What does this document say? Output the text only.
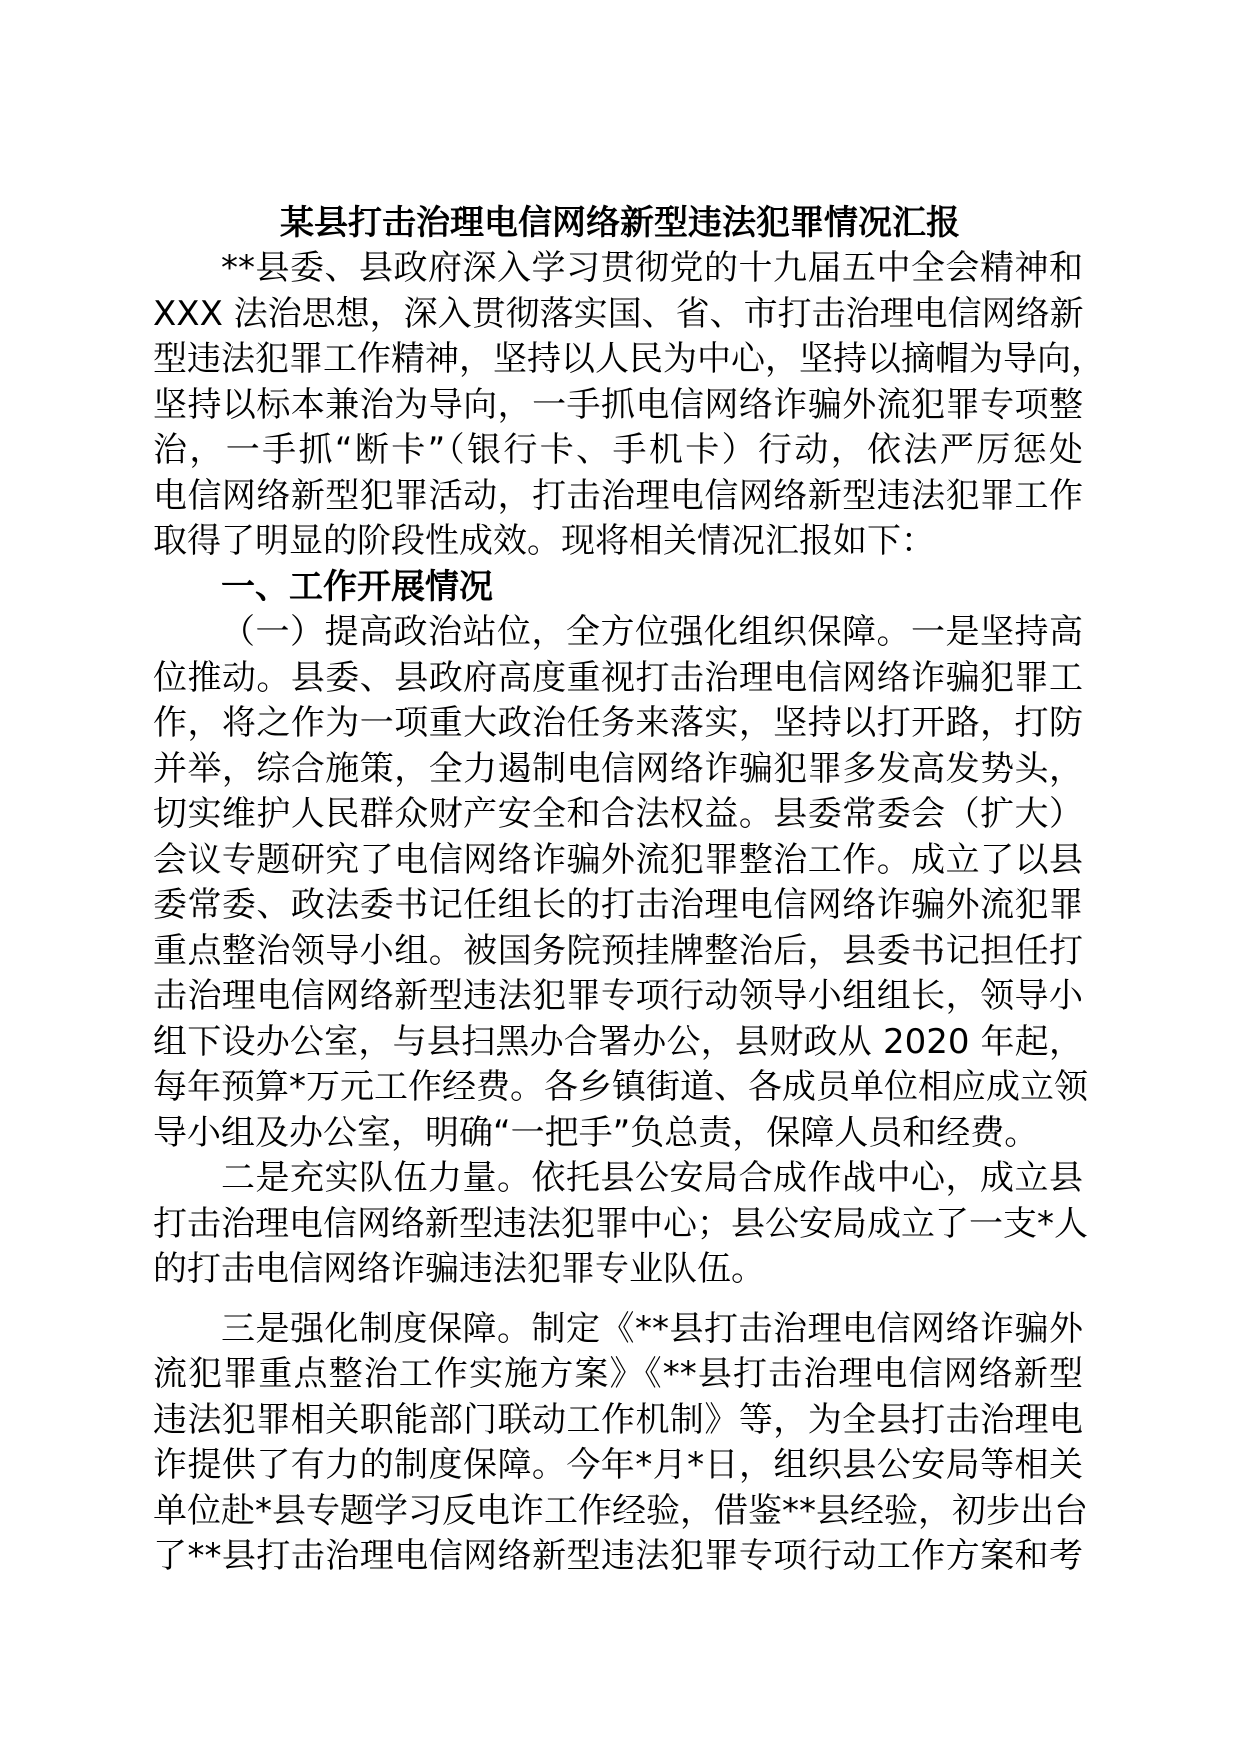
某县打击治理电信网络新型违法犯罪情况汇报
**县委、县政府深入学习贯彻党的十九届五中全会精神和
XXX 法治思想，深入贯彻落实国、省、市打击治理电信网络新
型违法犯罪工作精神，坚持以人民为中心，坚持以摘帽为导向，
坚持以标本兼治为导向，一手抓电信网络诈骗外流犯罪专项整
治，一手抓“断卡”（银行卡、手机卡）行动，依法严厉惩处
电信网络新型犯罪活动，打击治理电信网络新型违法犯罪工作
取得了明显的阶段性成效。现将相关情况汇报如下：
一、工作开展情况
（一）提高政治站位，全方位强化组织保障。一是坚持高
位推动。县委、县政府高度重视打击治理电信网络诈骗犯罪工
作，将之作为一项重大政治任务来落实，坚持以打开路，打防
并举，综合施策，全力遏制电信网络诈骗犯罪多发高发势头，
切实维护人民群众财产安全和合法权益。县委常委会（扩大）
会议专题研究了电信网络诈骗外流犯罪整治工作。成立了以县
委常委、政法委书记任组长的打击治理电信网络诈骗外流犯罪
重点整治领导小组。被国务院预挂牌整治后，县委书记担任打
击治理电信网络新型违法犯罪专项行动领导小组组长，领导小
组下设办公室，与县扫黑办合署办公，县财政从 2020 年起，
每年预算*万元工作经费。各乡镇街道、各成员单位相应成立领
导小组及办公室，明确“一把手”负总责，保障人员和经费。
二是充实队伍力量。依托县公安局合成作战中心，成立县
打击治理电信网络新型违法犯罪中心；县公安局成立了一支*人
的打击电信网络诈骗违法犯罪专业队伍。
三是强化制度保障。制定《**县打击治理电信网络诈骗外
流犯罪重点整治工作实施方案》《**县打击治理电信网络新型
违法犯罪相关职能部门联动工作机制》等，为全县打击治理电
诈提供了有力的制度保障。今年*月*日，组织县公安局等相关
单位赴*县专题学习反电诈工作经验，借鉴**县经验，初步出台
了**县打击治理电信网络新型违法犯罪专项行动工作方案和考
